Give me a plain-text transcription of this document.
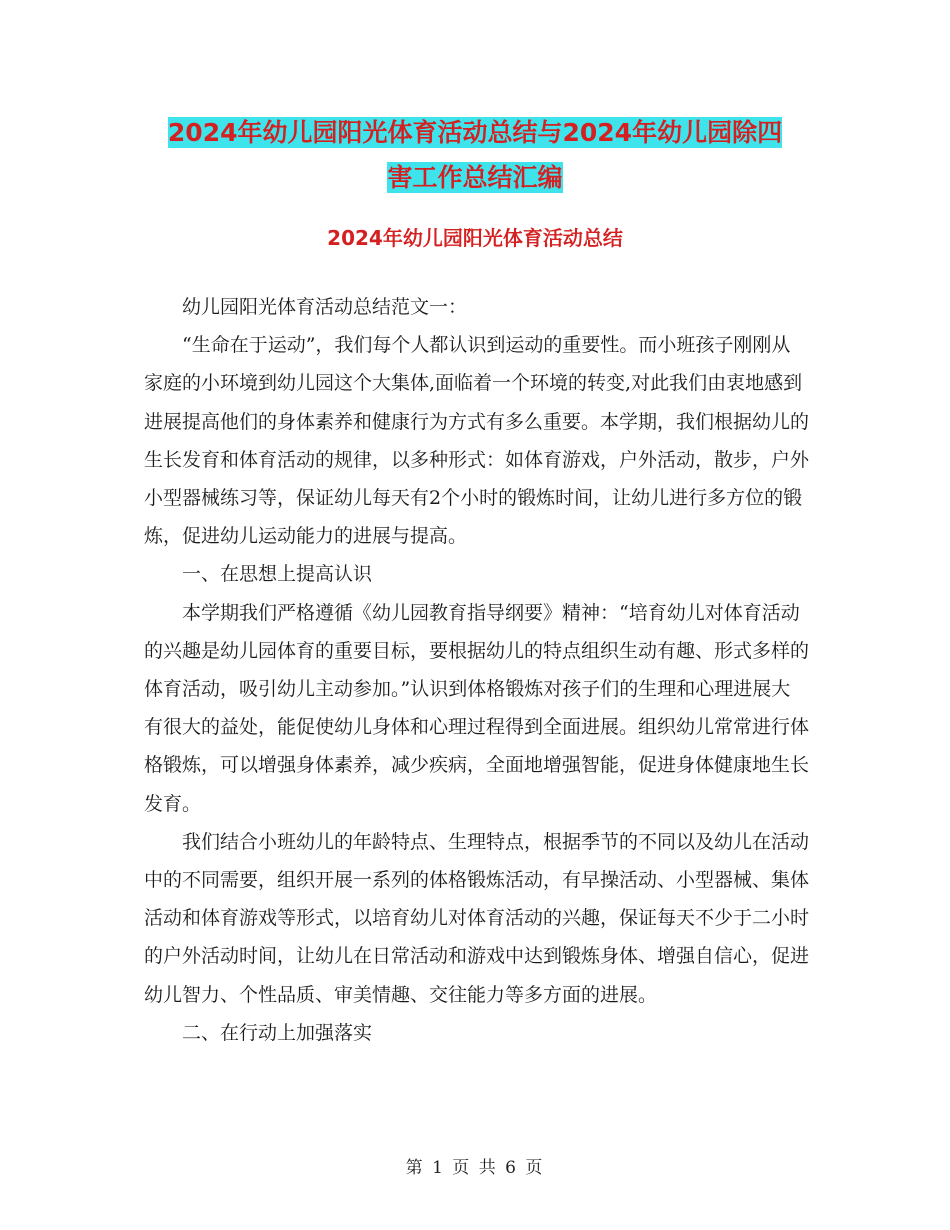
2024年幼儿园阳光体育活动总结与2024年幼儿园除四
害工作总结汇编
2024年幼儿园阳光体育活动总结

幼儿园阳光体育活动总结范文一：

“生命在于运动”，我们每个人都认识到运动的重要性。而小班孩子刚刚从家庭的小环境到幼儿园这个大集体,面临着一个环境的转变,对此我们由衷地感到进展提高他们的身体素养和健康行为方式有多么重要。本学期，我们根据幼儿的生长发育和体育活动的规律，以多种形式：如体育游戏，户外活动，散步，户外小型器械练习等，保证幼儿每天有2个小时的锻炼时间，让幼儿进行多方位的锻炼，促进幼儿运动能力的进展与提高。

一、在思想上提高认识

本学期我们严格遵循《幼儿园教育指导纲要》精神：“培育幼儿对体育活动的兴趣是幼儿园体育的重要目标，要根据幼儿的特点组织生动有趣、形式多样的体育活动，吸引幼儿主动参加。”认识到体格锻炼对孩子们的生理和心理进展大有很大的益处，能促使幼儿身体和心理过程得到全面进展。组织幼儿常常进行体格锻炼，可以增强身体素养，减少疾病，全面地增强智能，促进身体健康地生长发育。

我们结合小班幼儿的年龄特点、生理特点，根据季节的不同以及幼儿在活动中的不同需要，组织开展一系列的体格锻炼活动，有早操活动、小型器械、集体活动和体育游戏等形式，以培育幼儿对体育活动的兴趣，保证每天不少于二小时的户外活动时间，让幼儿在日常活动和游戏中达到锻炼身体、增强自信心，促进幼儿智力、个性品质、审美情趣、交往能力等多方面的进展。

二、在行动上加强落实

第 1 页 共 6 页
